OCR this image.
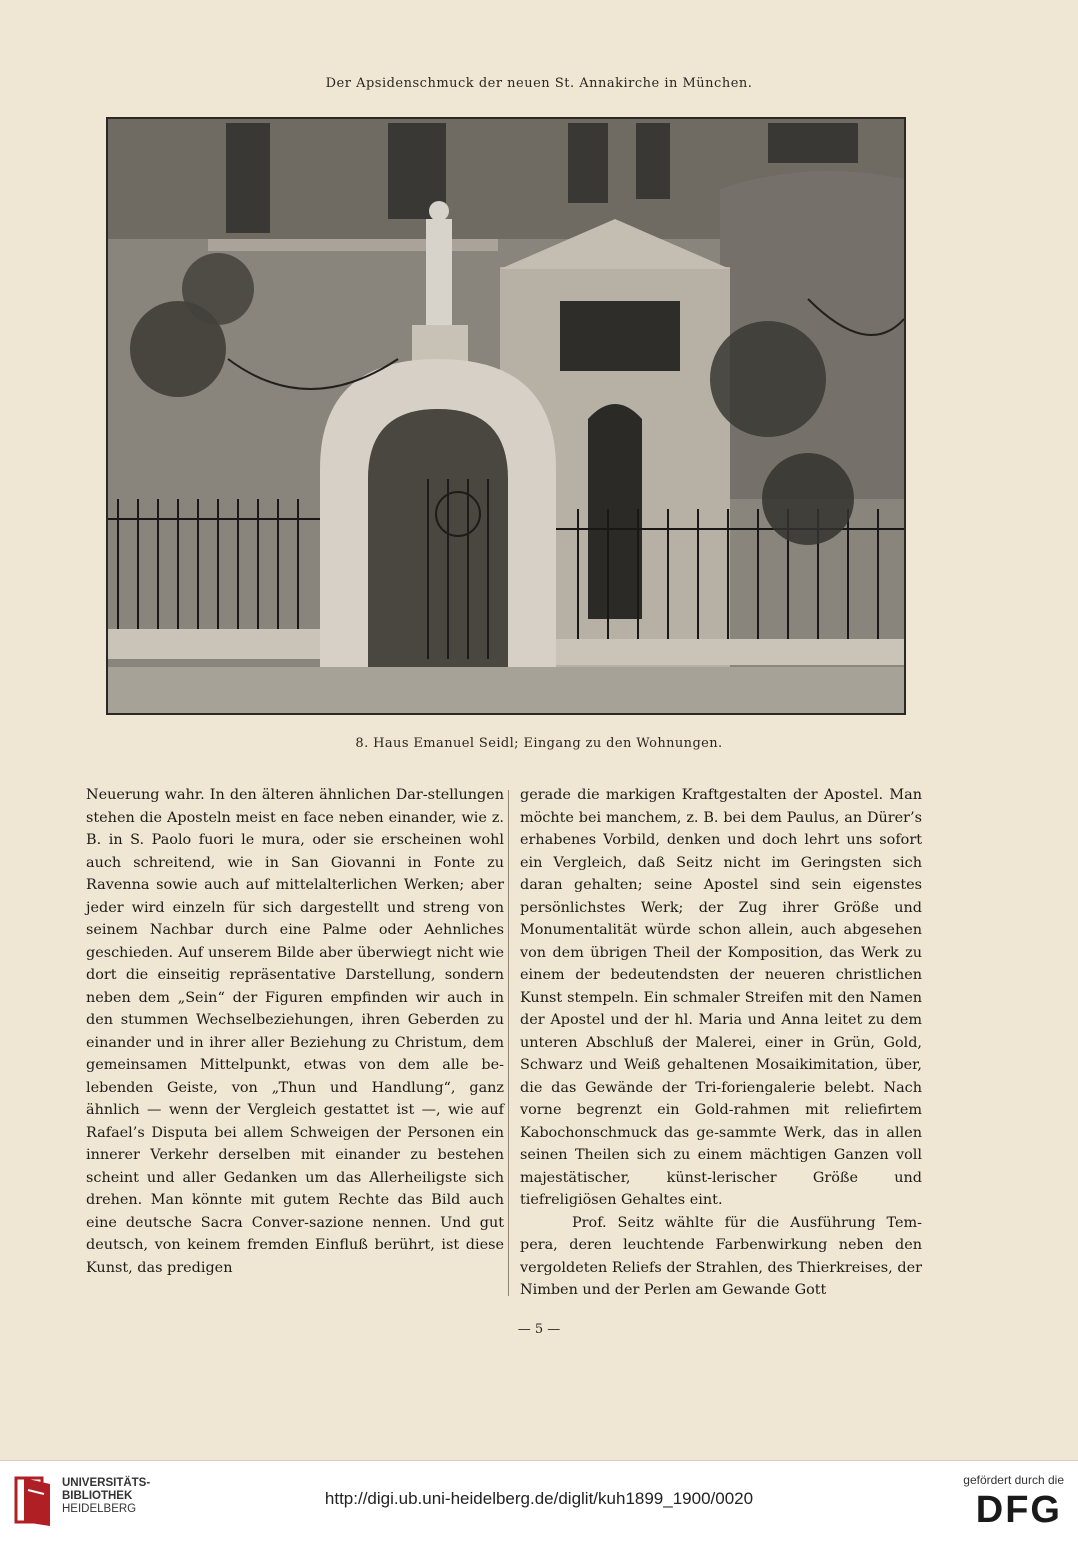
Der Apsidenschmuck der neuen St. Annakirche in München.
8. Haus Emanuel Seidl; Eingang zu den Wohnungen.

Neuerung wahr. In den älteren ähnlichen Dar-stellungen stehen die Aposteln meist en face neben einander, wie z. B. in S. Paolo fuori le mura, oder sie erscheinen wohl auch schreitend, wie in San Giovanni in Fonte zu Ravenna sowie auch auf mittelalterlichen Werken; aber jeder wird einzeln für sich dargestellt und streng von seinem Nachbar durch eine Palme oder Aehnliches geschieden. Auf unserem Bilde aber überwiegt nicht wie dort die einseitig repräsentative Darstellung, sondern neben dem „Sein“ der Figuren empfinden wir auch in den stummen Wechselbeziehungen, ihren Geberden zu einander und in ihrer aller Beziehung zu Christum, dem gemeinsamen Mittelpunkt, etwas von dem alle be-lebenden Geiste, von „Thun und Handlung“, ganz ähnlich — wenn der Vergleich gestattet ist —, wie auf Rafael’s Disputa bei allem Schweigen der Personen ein innerer Verkehr derselben mit einander zu bestehen scheint und aller Gedanken um das Allerheiligste sich drehen. Man könnte mit gutem Rechte das Bild auch eine deutsche Sacra Conver-sazione nennen. Und gut deutsch, von keinem fremden Einfluß berührt, ist diese Kunst, das predigen

gerade die markigen Kraftgestalten der Apostel. Man möchte bei manchem, z. B. bei dem Paulus, an Dürer’s erhabenes Vorbild, denken und doch lehrt uns sofort ein Vergleich, daß Seitz nicht im Geringsten sich daran gehalten; seine Apostel sind sein eigenstes persönlichstes Werk; der Zug ihrer Größe und Monumentalität würde schon allein, auch abgesehen von dem übrigen Theil der Komposition, das Werk zu einem der bedeutendsten der neueren christlichen Kunst stempeln. Ein schmaler Streifen mit den Namen der Apostel und der hl. Maria und Anna leitet zu dem unteren Abschluß der Malerei, einer in Grün, Gold, Schwarz und Weiß gehaltenen Mosaikimitation, über, die das Gewände der Tri-foriengalerie belebt. Nach vorne begrenzt ein Gold-rahmen mit reliefirtem Kabochonschmuck das ge-sammte Werk, das in allen seinen Theilen sich zu einem mächtigen Ganzen voll majestätischer, künst-lerischer Größe und tiefreligiösen Gehaltes eint.

Prof. Seitz wählte für die Ausführung Tem-pera, deren leuchtende Farbenwirkung neben den vergoldeten Reliefs der Strahlen, des Thierkreises, der Nimben und der Perlen am Gewande Gott

— 5 —
UNIVERSITÄTS-
BIBLIOTHEK
HEIDELBERG
http://digi.ub.uni-heidelberg.de/diglit/kuh1899_1900/0020
gefördert durch die
DFG
